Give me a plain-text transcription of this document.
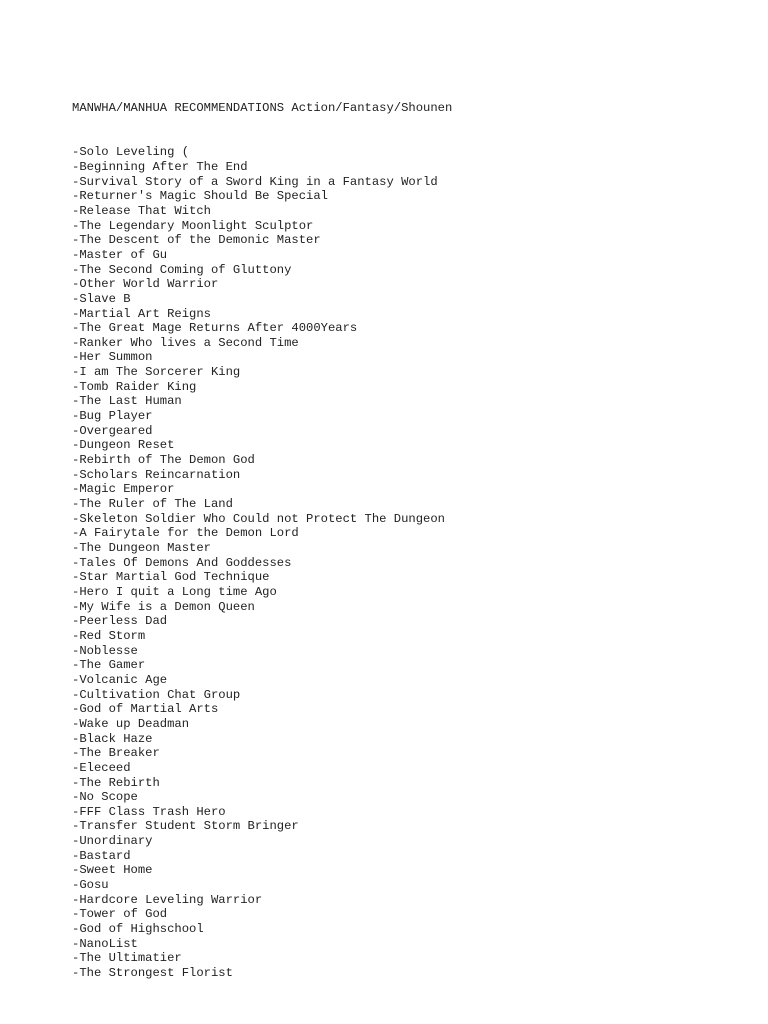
MANWHA/MANHUA RECOMMENDATIONS Action/Fantasy/Shounen

-Solo Leveling (
-Beginning After The End
-Survival Story of a Sword King in a Fantasy World
-Returner's Magic Should Be Special
-Release That Witch
-The Legendary Moonlight Sculptor
-The Descent of the Demonic Master
-Master of Gu
-The Second Coming of Gluttony
-Other World Warrior
-Slave B
-Martial Art Reigns
-The Great Mage Returns After 4000Years
-Ranker Who lives a Second Time
-Her Summon
-I am The Sorcerer King
-Tomb Raider King
-The Last Human
-Bug Player
-Overgeared
-Dungeon Reset
-Rebirth of The Demon God
-Scholars Reincarnation
-Magic Emperor
-The Ruler of The Land
-Skeleton Soldier Who Could not Protect The Dungeon
-A Fairytale for the Demon Lord
-The Dungeon Master
-Tales Of Demons And Goddesses
-Star Martial God Technique
-Hero I quit a Long time Ago
-My Wife is a Demon Queen
-Peerless Dad
-Red Storm
-Noblesse
-The Gamer
-Volcanic Age
-Cultivation Chat Group
-God of Martial Arts
-Wake up Deadman
-Black Haze
-The Breaker
-Eleceed
-The Rebirth
-No Scope
-FFF Class Trash Hero
-Transfer Student Storm Bringer
-Unordinary
-Bastard
-Sweet Home
-Gosu
-Hardcore Leveling Warrior
-Tower of God
-God of Highschool
-NanoList
-The Ultimatier
-The Strongest Florist
